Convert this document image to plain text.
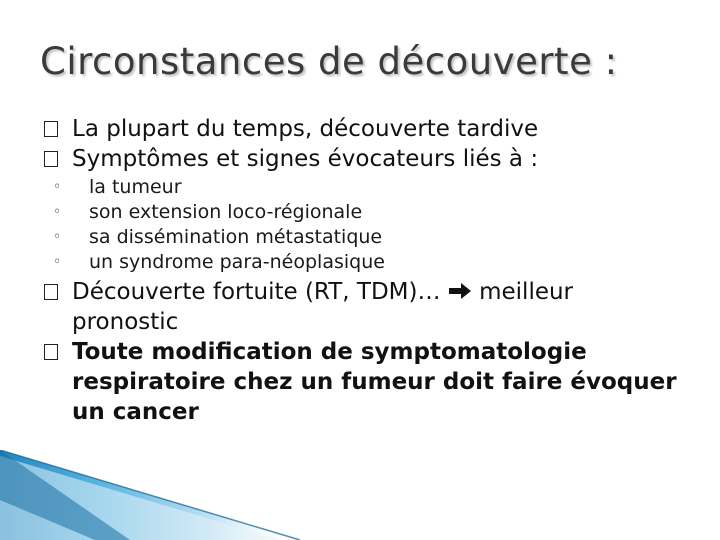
Circonstances de découverte :
La plupart du temps, découverte tardive
Symptômes et signes évocateurs liés à :
◦ la tumeur
◦ son extension loco-régionale
◦ sa dissémination métastatique
◦ un syndrome para-néoplasique
Découverte fortuite (RT, TDM)…  meilleur pronostic
Toute modification de symptomatologie respiratoire chez un fumeur doit faire évoquer un cancer
